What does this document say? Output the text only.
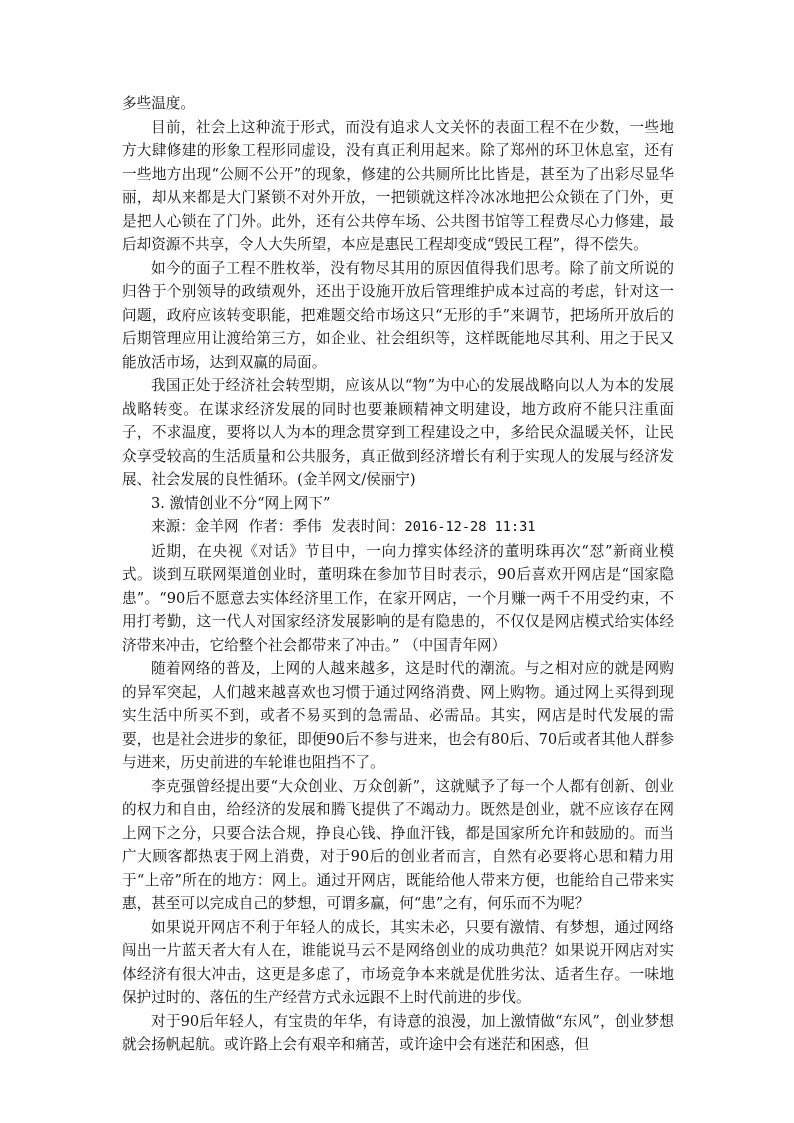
多些温度。

目前，社会上这种流于形式，而没有追求人文关怀的表面工程不在少数，一些地方大肆修建的形象工程形同虚设，没有真正利用起来。除了郑州的环卫休息室，还有一些地方出现“公厕不公开”的现象，修建的公共厕所比比皆是，甚至为了出彩尽显华丽，却从来都是大门紧锁不对外开放，一把锁就这样冷冰冰地把公众锁在了门外，更是把人心锁在了门外。此外，还有公共停车场、公共图书馆等工程费尽心力修建，最后却资源不共享，令人大失所望，本应是惠民工程却变成“毁民工程”，得不偿失。

如今的面子工程不胜枚举，没有物尽其用的原因值得我们思考。除了前文所说的归咎于个别领导的政绩观外，还出于设施开放后管理维护成本过高的考虑，针对这一问题，政府应该转变职能，把难题交给市场这只“无形的手”来调节，把场所开放后的后期管理应用让渡给第三方，如企业、社会组织等，这样既能地尽其利、用之于民又能放活市场，达到双赢的局面。

我国正处于经济社会转型期，应该从以“物”为中心的发展战略向以人为本的发展战略转变。在谋求经济发展的同时也要兼顾精神文明建设，地方政府不能只注重面子，不求温度，要将以人为本的理念贯穿到工程建设之中，多给民众温暖关怀，让民众享受较高的生活质量和公共服务，真正做到经济增长有利于实现人的发展与经济发展、社会发展的良性循环。(金羊网文/侯丽宁)

3. 激情创业不分“网上网下”

来源：金羊网 作者：季伟 发表时间：2016-12-28 11:31

近期，在央视《对话》节目中，一向力撑实体经济的董明珠再次“怼”新商业模式。谈到互联网渠道创业时，董明珠在参加节目时表示，90后喜欢开网店是“国家隐患”。“90后不愿意去实体经济里工作，在家开网店，一个月赚一两千不用受约束，不用打考勤，这一代人对国家经济发展影响的是有隐患的，不仅仅是网店模式给实体经济带来冲击，它给整个社会都带来了冲击。” （中国青年网）

随着网络的普及，上网的人越来越多，这是时代的潮流。与之相对应的就是网购的异军突起，人们越来越喜欢也习惯于通过网络消费、网上购物。通过网上买得到现实生活中所买不到，或者不易买到的急需品、必需品。其实，网店是时代发展的需要，也是社会进步的象征，即便90后不参与进来，也会有80后、70后或者其他人群参与进来，历史前进的车轮谁也阻挡不了。

李克强曾经提出要“大众创业、万众创新”，这就赋予了每一个人都有创新、创业的权力和自由，给经济的发展和腾飞提供了不竭动力。既然是创业，就不应该存在网上网下之分，只要合法合规，挣良心钱、挣血汗钱，都是国家所允许和鼓励的。而当广大顾客都热衷于网上消费，对于90后的创业者而言，自然有必要将心思和精力用于“上帝”所在的地方：网上。通过开网店，既能给他人带来方便，也能给自己带来实惠，甚至可以完成自己的梦想，可谓多赢，何“患”之有，何乐而不为呢？

如果说开网店不利于年轻人的成长，其实未必，只要有激情、有梦想，通过网络闯出一片蓝天者大有人在，谁能说马云不是网络创业的成功典范？如果说开网店对实体经济有很大冲击，这更是多虑了，市场竞争本来就是优胜劣汰、适者生存。一味地保护过时的、落伍的生产经营方式永远跟不上时代前进的步伐。

对于90后年轻人，有宝贵的年华，有诗意的浪漫，加上激情做“东风”，创业梦想就会扬帆起航。或许路上会有艰辛和痛苦，或许途中会有迷茫和困惑，但
